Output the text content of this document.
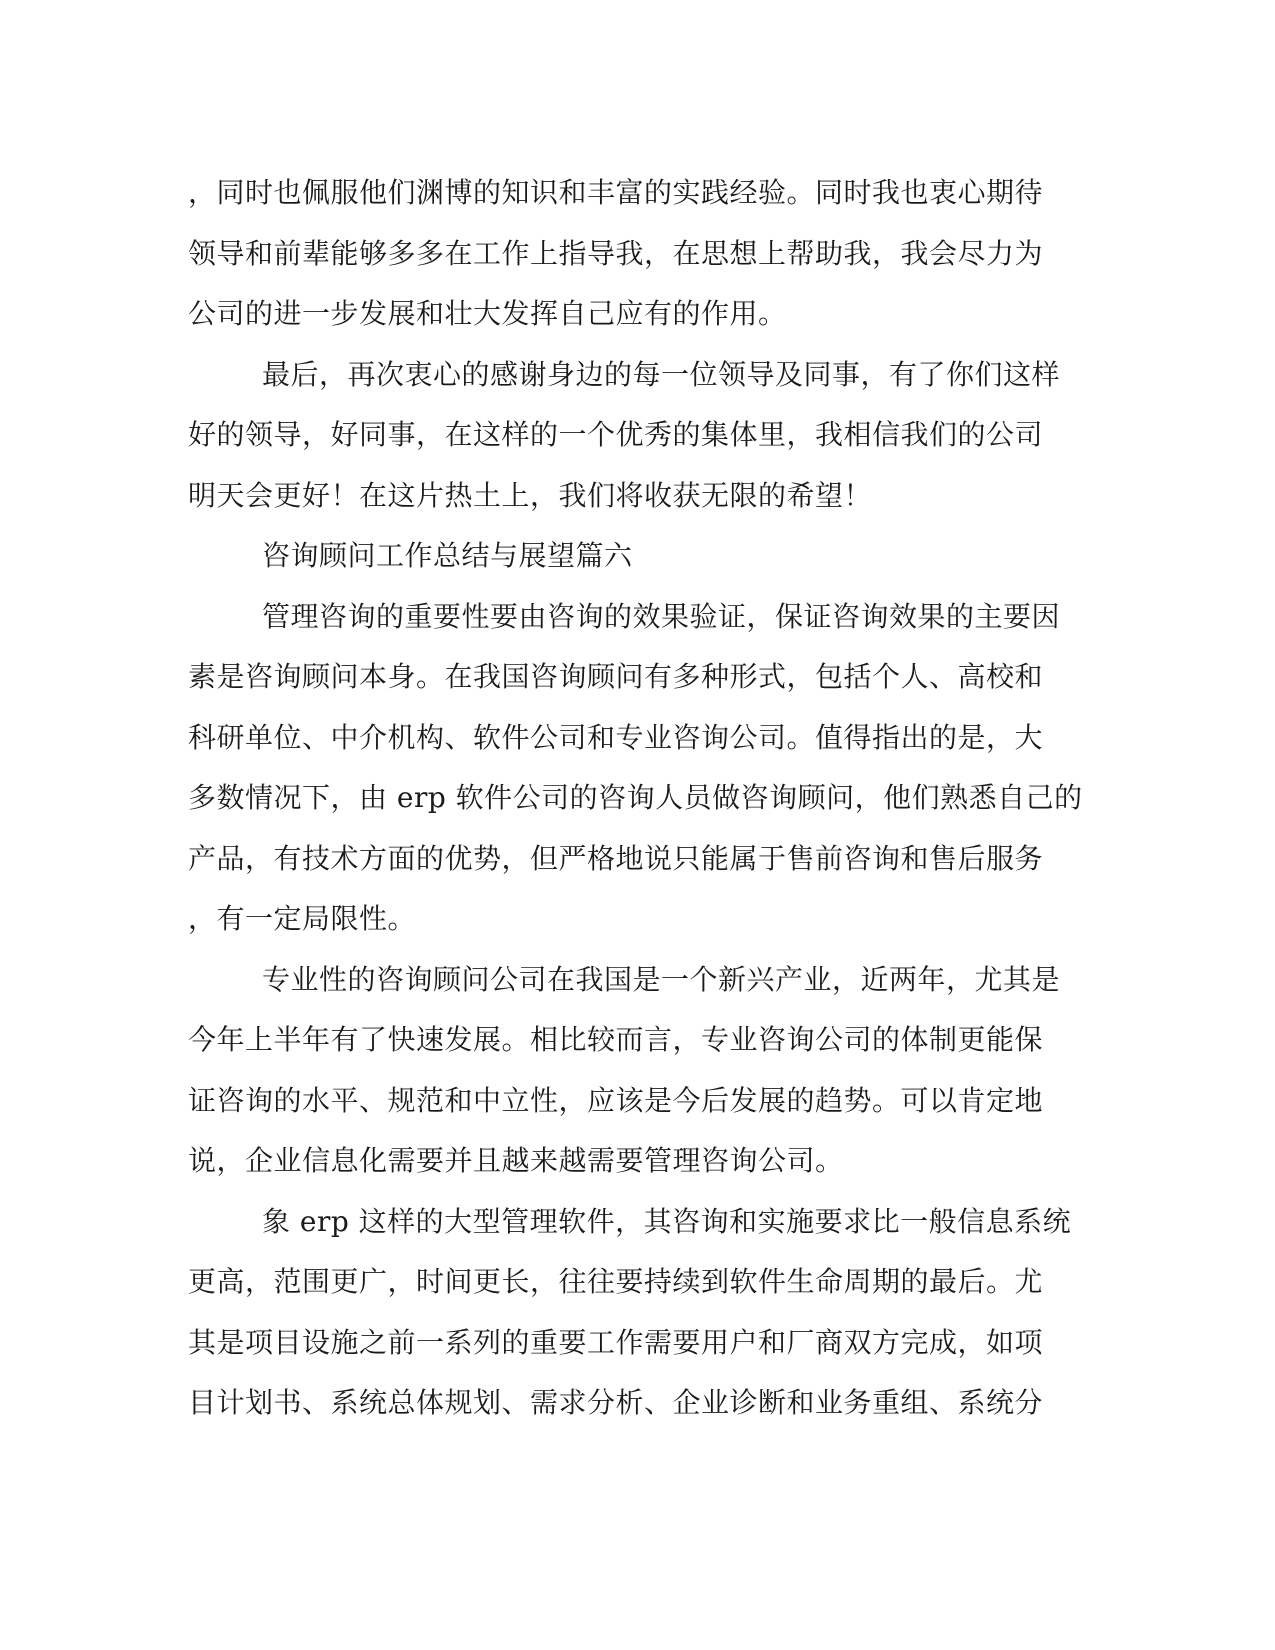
，同时也佩服他们渊博的知识和丰富的实践经验。同时我也衷心期待
领导和前辈能够多多在工作上指导我，在思想上帮助我，我会尽力为
公司的进一步发展和壮大发挥自己应有的作用。
最后，再次衷心的感谢身边的每一位领导及同事，有了你们这样
好的领导，好同事，在这样的一个优秀的集体里，我相信我们的公司
明天会更好！在这片热土上，我们将收获无限的希望！
咨询顾问工作总结与展望篇六
管理咨询的重要性要由咨询的效果验证，保证咨询效果的主要因
素是咨询顾问本身。在我国咨询顾问有多种形式，包括个人、高校和
科研单位、中介机构、软件公司和专业咨询公司。值得指出的是，大
多数情况下，由 erp 软件公司的咨询人员做咨询顾问，他们熟悉自己的
产品，有技术方面的优势，但严格地说只能属于售前咨询和售后服务
，有一定局限性。
专业性的咨询顾问公司在我国是一个新兴产业，近两年，尤其是
今年上半年有了快速发展。相比较而言，专业咨询公司的体制更能保
证咨询的水平、规范和中立性，应该是今后发展的趋势。可以肯定地
说，企业信息化需要并且越来越需要管理咨询公司。
象 erp 这样的大型管理软件，其咨询和实施要求比一般信息系统
更高，范围更广，时间更长，往往要持续到软件生命周期的最后。尤
其是项目设施之前一系列的重要工作需要用户和厂商双方完成，如项
目计划书、系统总体规划、需求分析、企业诊断和业务重组、系统分
